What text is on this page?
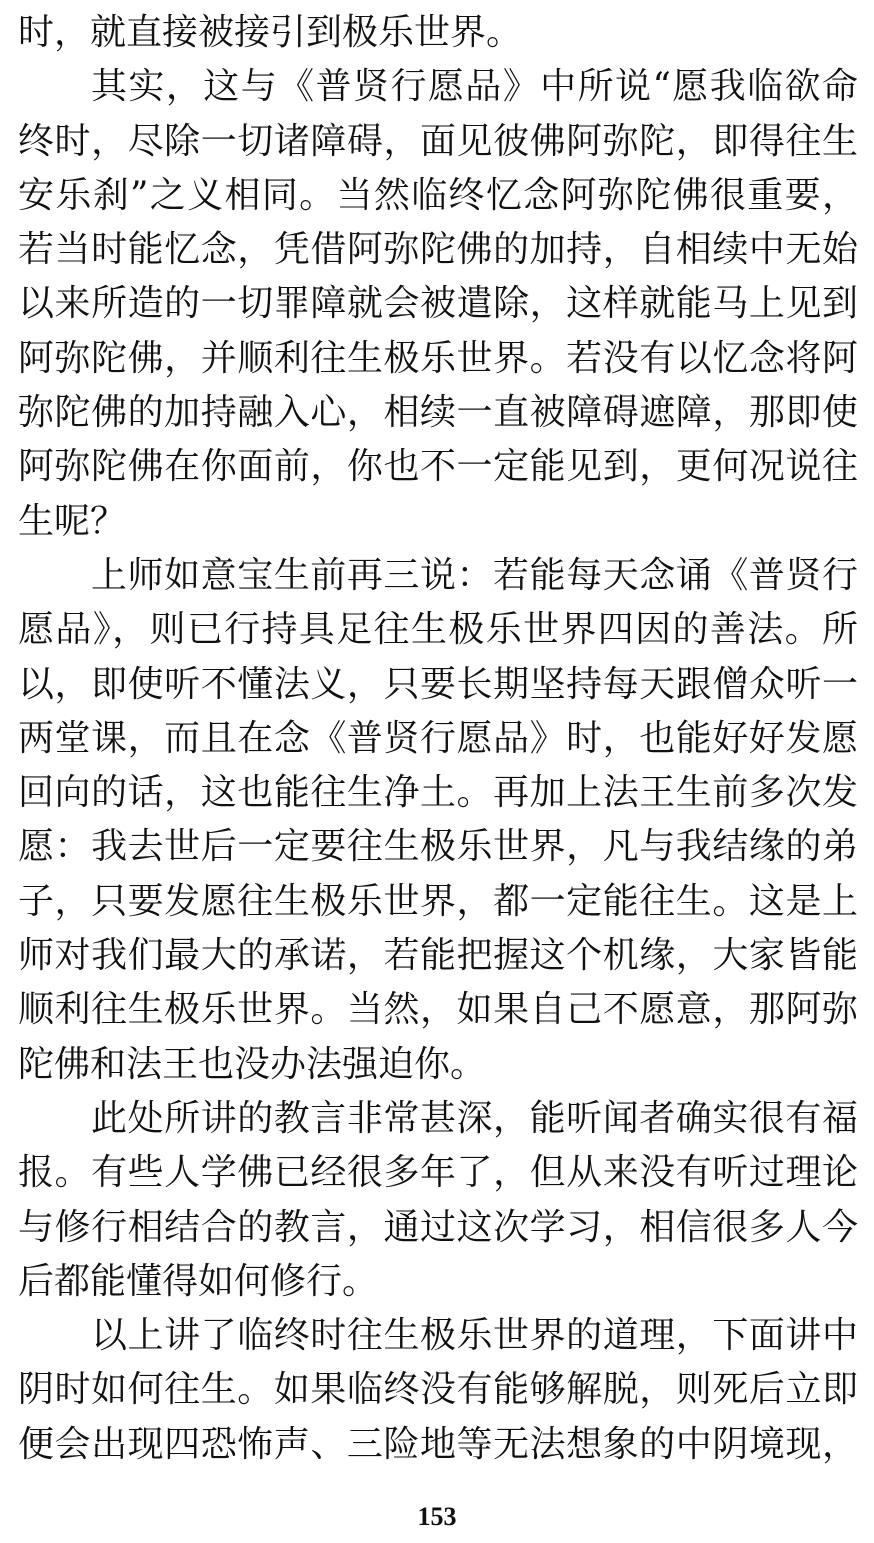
时，就直接被接引到极乐世界。
其实，这与《普贤行愿品》中所说“愿我临欲命
终时，尽除一切诸障碍，面见彼佛阿弥陀，即得往生
安乐刹”之义相同。当然临终忆念阿弥陀佛很重要，
若当时能忆念，凭借阿弥陀佛的加持，自相续中无始
以来所造的一切罪障就会被遣除，这样就能马上见到
阿弥陀佛，并顺利往生极乐世界。若没有以忆念将阿
弥陀佛的加持融入心，相续一直被障碍遮障，那即使
阿弥陀佛在你面前，你也不一定能见到，更何况说往
生呢？
上师如意宝生前再三说：若能每天念诵《普贤行
愿品》，则已行持具足往生极乐世界四因的善法。所
以，即使听不懂法义，只要长期坚持每天跟僧众听一
两堂课，而且在念《普贤行愿品》时，也能好好发愿
回向的话，这也能往生净土。再加上法王生前多次发
愿：我去世后一定要往生极乐世界，凡与我结缘的弟
子，只要发愿往生极乐世界，都一定能往生。这是上
师对我们最大的承诺，若能把握这个机缘，大家皆能
顺利往生极乐世界。当然，如果自己不愿意，那阿弥
陀佛和法王也没办法强迫你。
此处所讲的教言非常甚深，能听闻者确实很有福
报。有些人学佛已经很多年了，但从来没有听过理论
与修行相结合的教言，通过这次学习，相信很多人今
后都能懂得如何修行。
以上讲了临终时往生极乐世界的道理，下面讲中
阴时如何往生。如果临终没有能够解脱，则死后立即
便会出现四恐怖声、三险地等无法想象的中阴境现，
153
